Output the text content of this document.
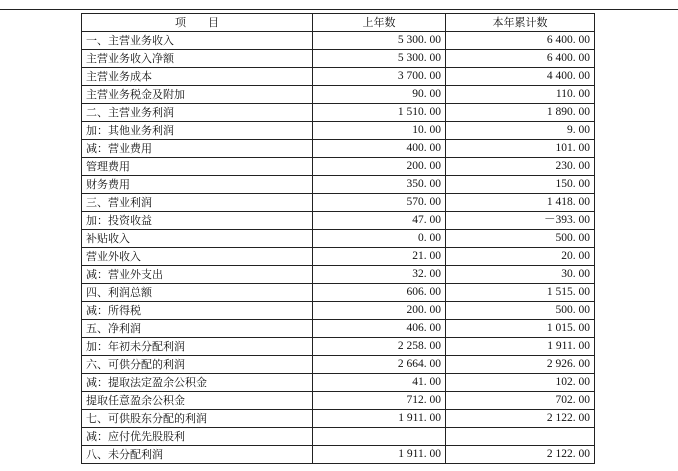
项　　目	上年数	本年累计数
一、主营业务收入	5 300. 00	6 400. 00
主营业务收入净额	5 300. 00	6 400. 00
主营业务成本	3 700. 00	4 400. 00
主营业务税金及附加	90. 00	110. 00
二、主营业务利润	1 510. 00	1 890. 00
加：其他业务利润	10. 00	9. 00
减：营业费用	400. 00	101. 00
管理费用	200. 00	230. 00
财务费用	350. 00	150. 00
三、营业利润	570. 00	1 418. 00
加：投资收益	47. 00	－393. 00
补贴收入	0. 00	500. 00
营业外收入	21. 00	20. 00
减：营业外支出	32. 00	30. 00
四、利润总额	606. 00	1 515. 00
减：所得税	200. 00	500. 00
五、净利润	406. 00	1 015. 00
加：年初未分配利润	2 258. 00	1 911. 00
六、可供分配的利润	2 664. 00	2 926. 00
减：提取法定盈余公积金	41. 00	102. 00
提取任意盈余公积金	712. 00	702. 00
七、可供股东分配的利润	1 911. 00	2 122. 00
减：应付优先股股利		
八、未分配利润	1 911. 00	2 122. 00
